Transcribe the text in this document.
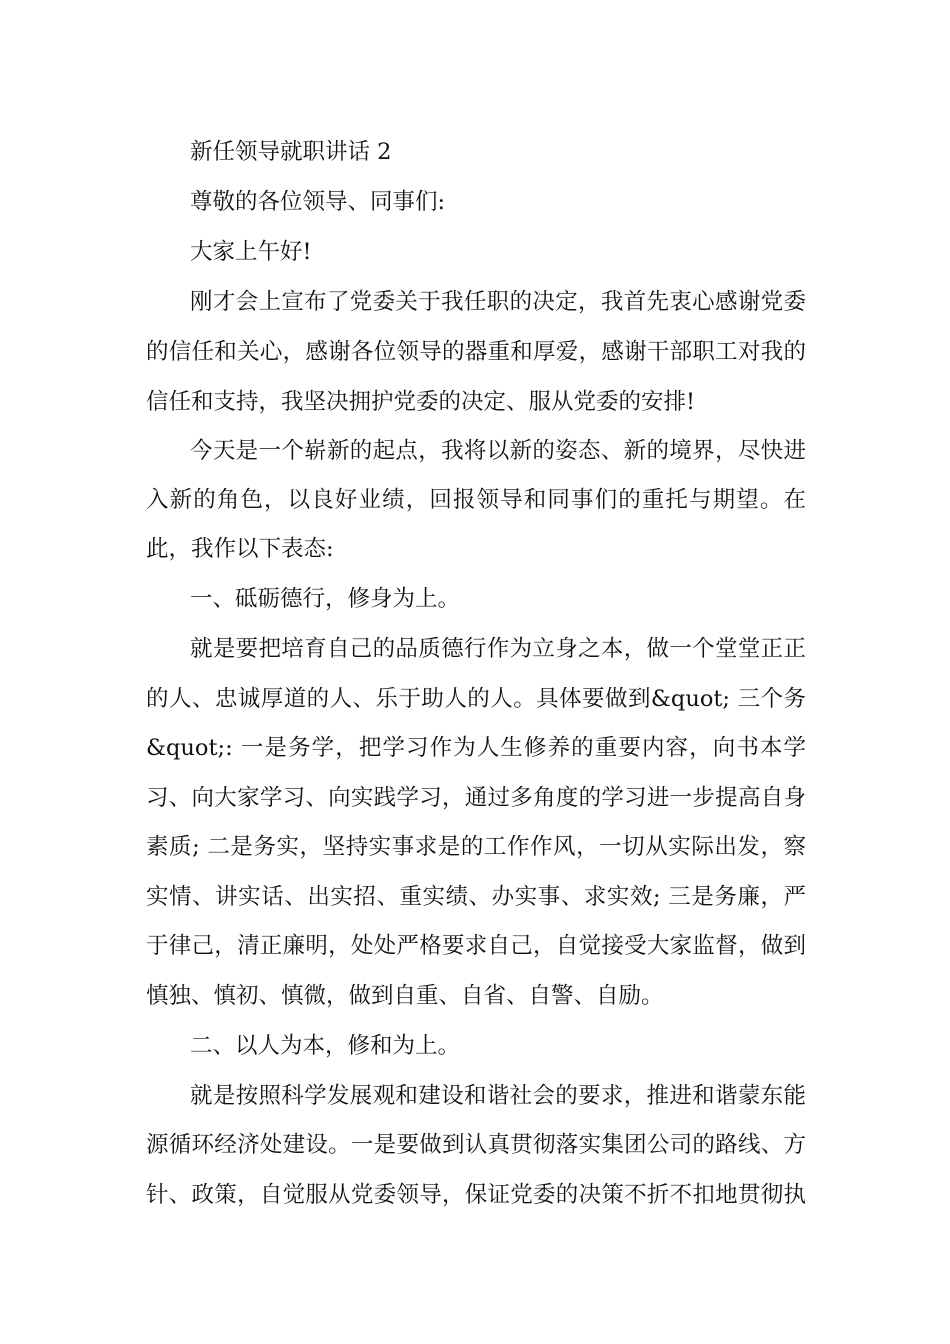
新任领导就职讲话 2
尊敬的各位领导、同事们:
大家上午好!
刚才会上宣布了党委关于我任职的决定，我首先衷心感谢党委
的信任和关心，感谢各位领导的器重和厚爱，感谢干部职工对我的
信任和支持，我坚决拥护党委的决定、服从党委的安排!
今天是一个崭新的起点，我将以新的姿态、新的境界，尽快进
入新的角色，以良好业绩，回报领导和同事们的重托与期望。在
此，我作以下表态:
一、砥砺德行，修身为上。
就是要把培育自己的品质德行作为立身之本，做一个堂堂正正
的人、忠诚厚道的人、乐于助人的人。具体要做到&quot; 三个务
&quot;: 一是务学，把学习作为人生修养的重要内容，向书本学
习、向大家学习、向实践学习，通过多角度的学习进一步提高自身
素质; 二是务实，坚持实事求是的工作作风，一切从实际出发，察
实情、讲实话、出实招、重实绩、办实事、求实效; 三是务廉，严
于律己，清正廉明，处处严格要求自己，自觉接受大家监督，做到
慎独、慎初、慎微，做到自重、自省、自警、自励。
二、以人为本，修和为上。
就是按照科学发展观和建设和谐社会的要求，推进和谐蒙东能
源循环经济处建设。一是要做到认真贯彻落实集团公司的路线、方
针、政策，自觉服从党委领导，保证党委的决策不折不扣地贯彻执
